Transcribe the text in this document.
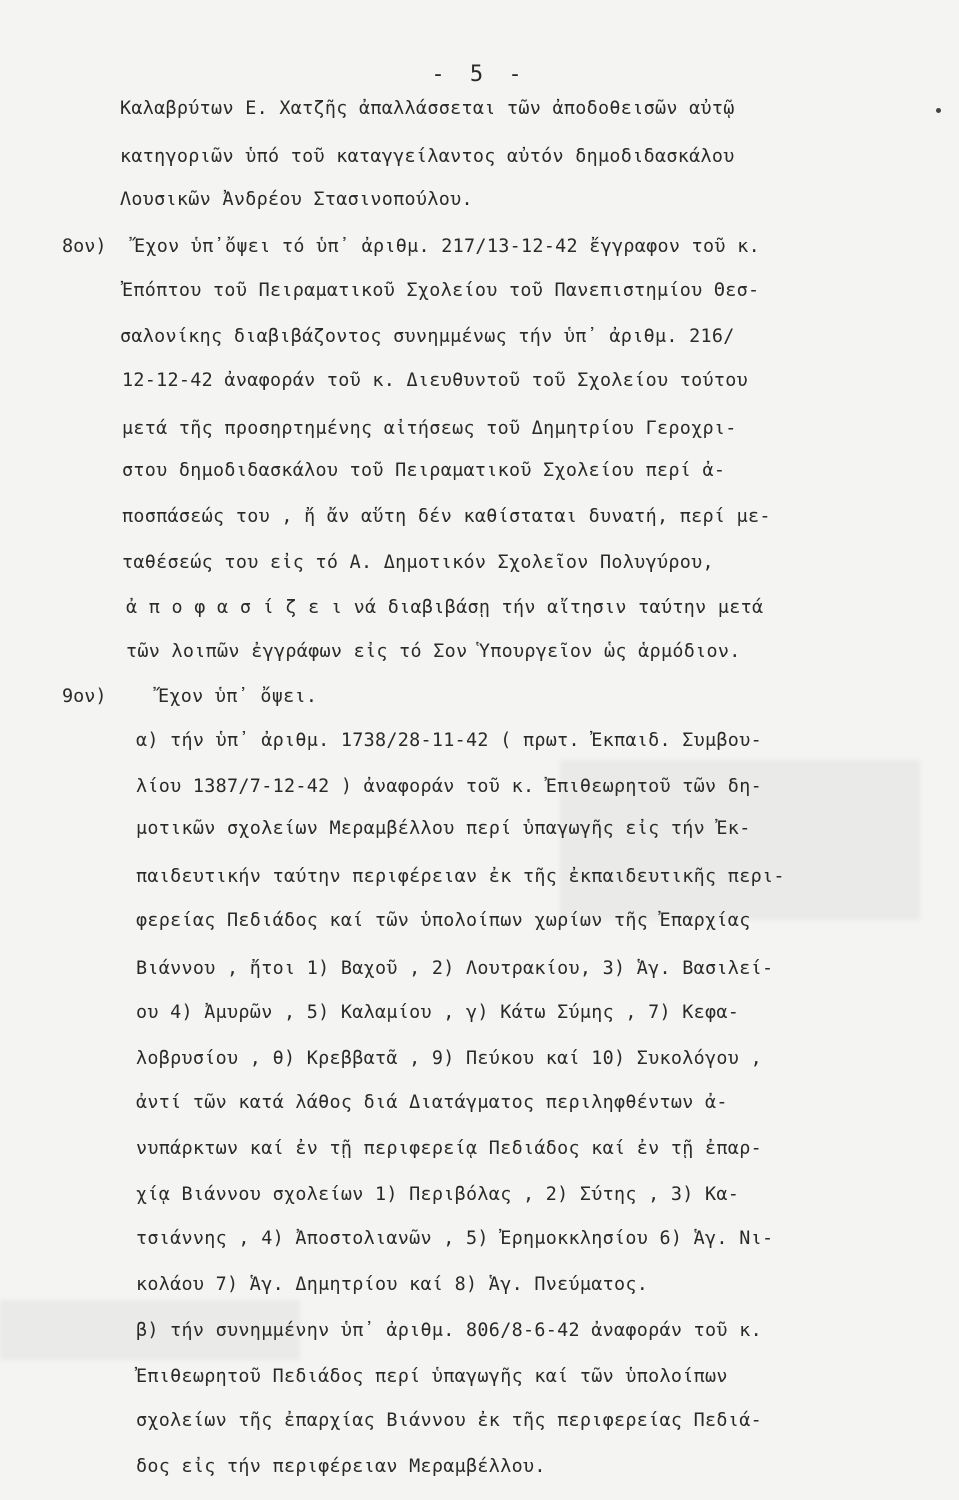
- 5 -
Καλαβρύτων Ε. Χατζῆς ἀπαλλάσσεται τῶν ἀποδοθεισῶν αὐτῷ
κατηγοριῶν ὑπό τοῦ καταγγείλαντος αὐτόν δημοδιδασκάλου
Λουσικῶν Ἀνδρέου Στασινοπούλου.
8ον) Ἔχον ὑπ᾽ὄψει τό ὑπ᾽ ἀριθμ. 217/13-12-42 ἔγγραφον τοῦ κ.
Ἐπόπτου τοῦ Πειραματικοῦ Σχολείου τοῦ Πανεπιστημίου Θεσ-
σαλονίκης διαβιβάζοντος συνημμένως τήν ὑπ᾽ ἀριθμ. 216/
12-12-42 ἀναφοράν τοῦ κ. Διευθυντοῦ τοῦ Σχολείου τούτου
μετά τῆς προσηρτημένης αἰτήσεως τοῦ Δημητρίου Γεροχρι-
στου δημοδιδασκάλου τοῦ Πειραματικοῦ Σχολείου περί ἀ-
ποσπάσεώς του , ἤ ἄν αὕτη δέν καθίσταται δυνατή, περί με-
ταθέσεώς του εἰς τό Α. Δημοτικόν Σχολεῖον Πολυγύρου,
ἀ π ο φ α σ ί ζ ε ι νά διαβιβάσῃ τήν αἴτησιν ταύτην μετά
τῶν λοιπῶν ἐγγράφων εἰς τό Σον Ὑπουργεῖον ὡς ἁρμόδιον.
9ον)	Ἔχον ὑπ᾽ ὄψει.
α) τήν ὑπ᾽ ἀριθμ. 1738/28-11-42 ( πρωτ. Ἐκπαιδ. Συμβου-
λίου 1387/7-12-42 ) ἀναφοράν τοῦ κ. Ἐπιθεωρητοῦ τῶν δη-
μοτικῶν σχολείων Μεραμβέλλου περί ὑπαγωγῆς εἰς τήν Ἐκ-
παιδευτικήν ταύτην περιφέρειαν ἐκ τῆς ἐκπαιδευτικῆς περι-
φερείας Πεδιάδος καί τῶν ὑπολοίπων χωρίων τῆς Ἐπαρχίας
Βιάννου , ἤτοι 1) Βαχοῦ , 2) Λουτρακίου, 3) Ἁγ. Βασιλεί-
ου 4) Ἀμυρῶν , 5) Καλαμίου , γ) Κάτω Σύμης , 7) Κεφα-
λοβρυσίου , θ) Κρεββατᾶ , 9) Πεύκου καί 10) Συκολόγου ,
ἀντί τῶν κατά λάθος διά Διατάγματος περιληφθέντων ἀ-
νυπάρκτων καί ἐν τῇ περιφερείᾳ Πεδιάδος καί ἐν τῇ ἐπαρ-
χίᾳ Βιάννου σχολείων 1) Περιβόλας , 2) Σύτης , 3) Κα-
τσιάννης , 4) Ἀποστολιανῶν , 5) Ἐρημοκκλησίου 6) Ἁγ. Νι-
κολάου 7) Ἁγ. Δημητρίου καί 8) Ἁγ. Πνεύματος.
β) τήν συνημμένην ὑπ᾽ ἀριθμ. 806/8-6-42 ἀναφοράν τοῦ κ.
Ἐπιθεωρητοῦ Πεδιάδος περί ὑπαγωγῆς καί τῶν ὑπολοίπων
σχολείων τῆς ἐπαρχίας Βιάννου ἐκ τῆς περιφερείας Πεδιά-
δος εἰς τήν περιφέρειαν Μεραμβέλλου.
